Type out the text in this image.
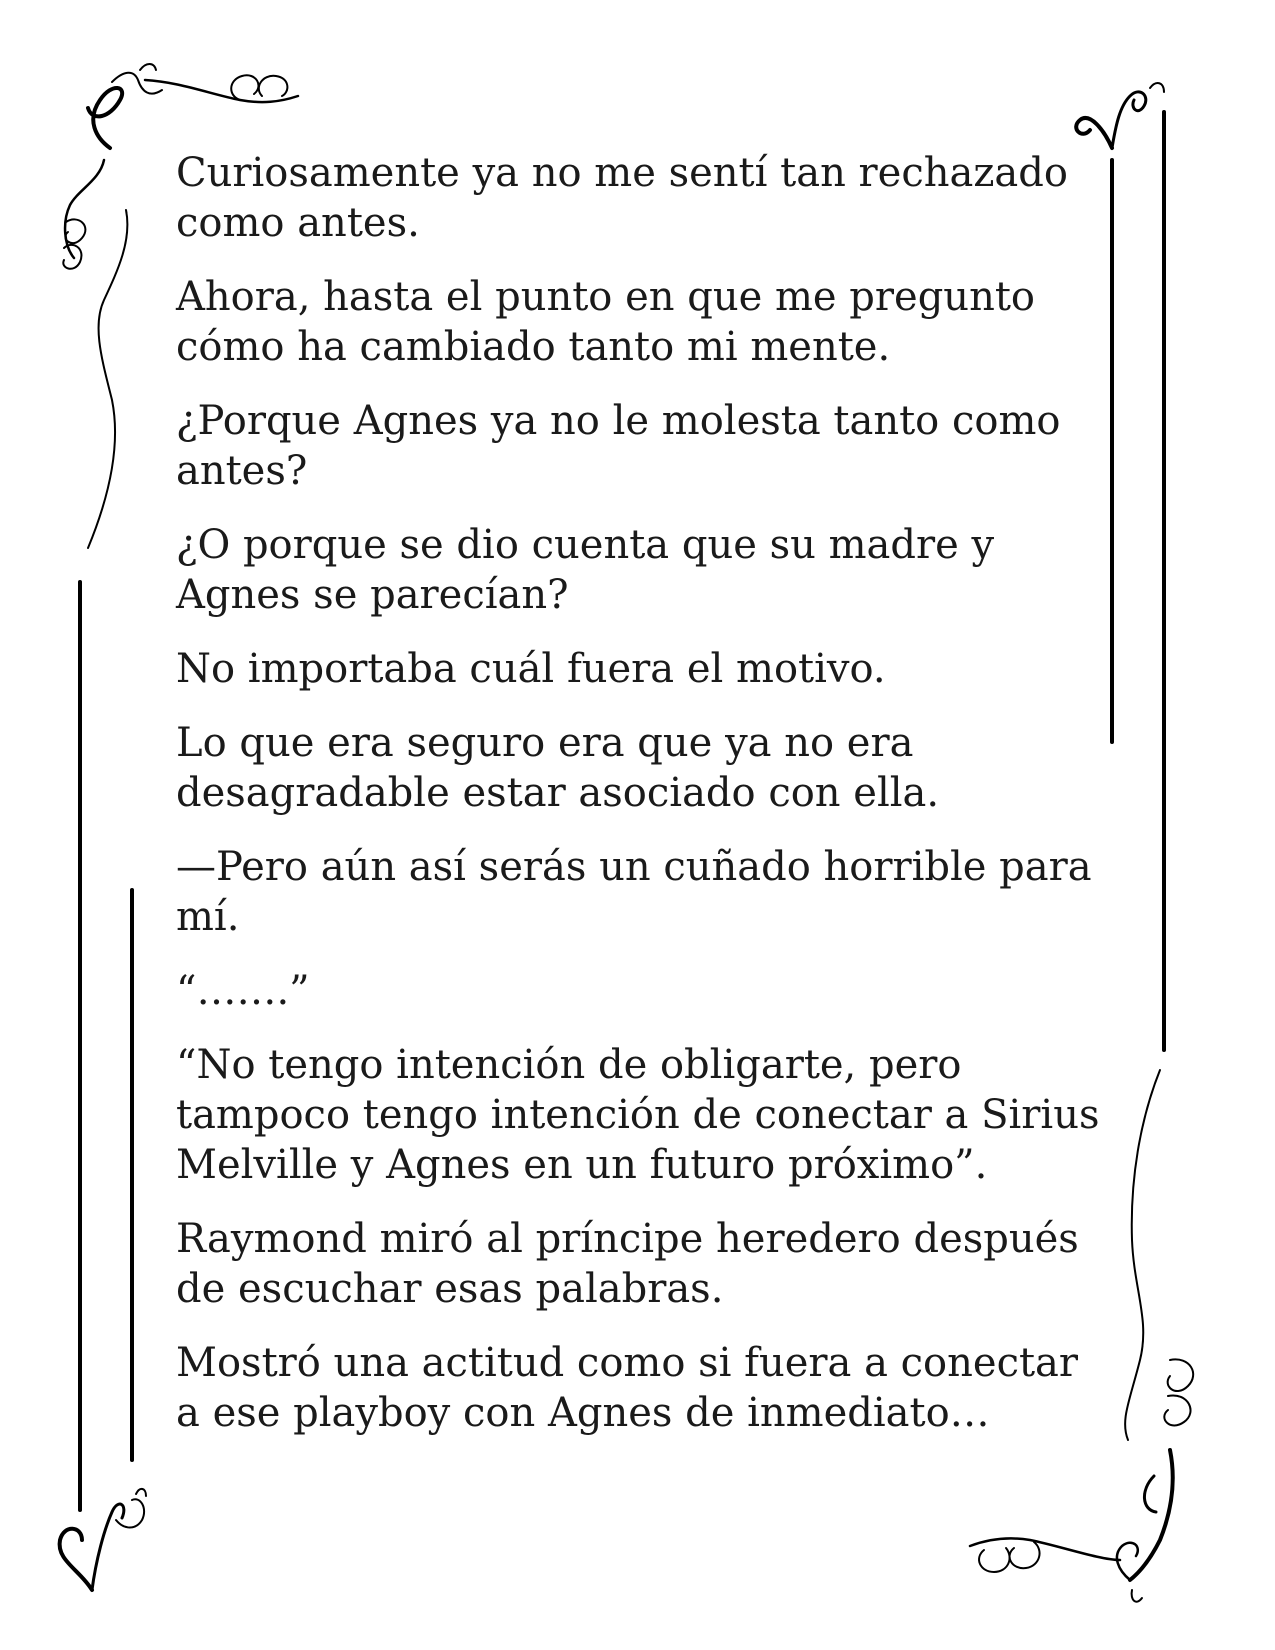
Curiosamente ya no me sentí tan rechazado como antes.

Ahora, hasta el punto en que me pregunto cómo ha cambiado tanto mi mente.

¿Porque Agnes ya no le molesta tanto como antes?

¿O porque se dio cuenta que su madre y Agnes se parecían?

No importaba cuál fuera el motivo.

Lo que era seguro era que ya no era desagradable estar asociado con ella.

—Pero aún así serás un cuñado horrible para mí.

“…….”

“No tengo intención de obligarte, pero tampoco tengo intención de conectar a Sirius Melville y Agnes en un futuro próximo”.

Raymond miró al príncipe heredero después de escuchar esas palabras.

Mostró una actitud como si fuera a conectar a ese playboy con Agnes de inmediato…
